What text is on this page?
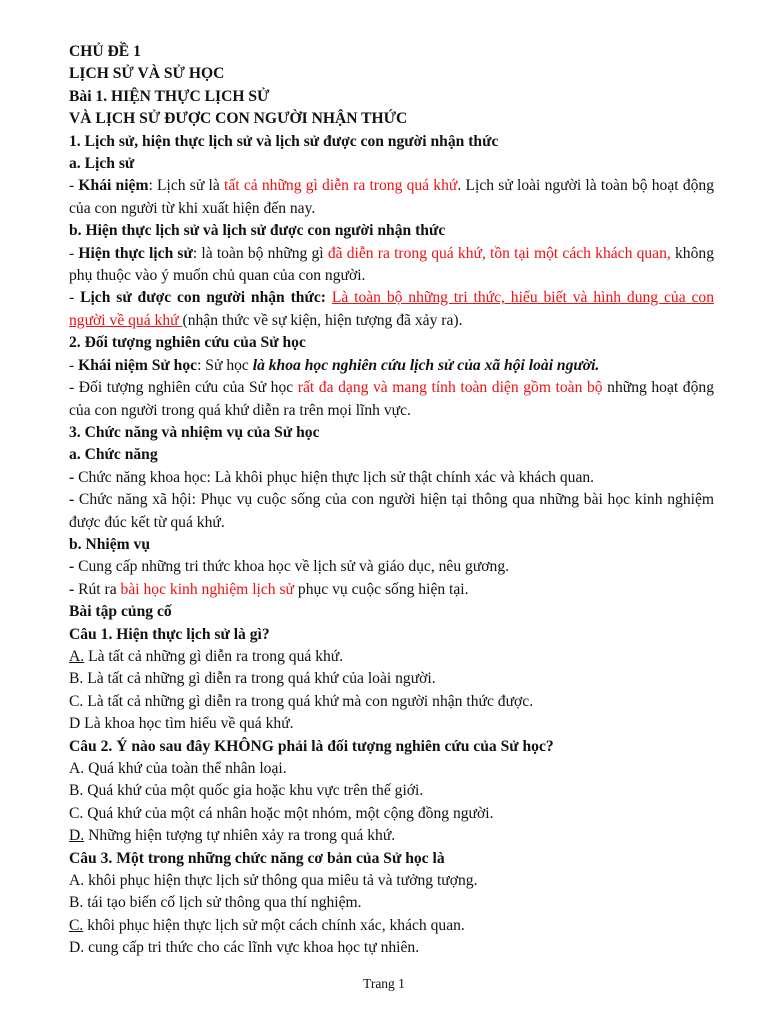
CHỦ ĐỀ 1
LỊCH SỬ VÀ SỬ HỌC
Bài 1. HIỆN THỰC LỊCH SỬ
VÀ LỊCH SỬ ĐƯỢC CON NGƯỜI NHẬN THỨC
1. Lịch sử, hiện thực lịch sử và lịch sử được con người nhận thức
a. Lịch sử
- Khái niệm: Lịch sử là tất cả những gì diễn ra trong quá khứ. Lịch sử loài người là toàn bộ hoạt động của con người từ khi xuất hiện đến nay.
b. Hiện thực lịch sử và lịch sử được con người nhận thức
- Hiện thực lịch sử: là toàn bộ những gì đã diễn ra trong quá khứ, tồn tại một cách khách quan, không phụ thuộc vào ý muốn chủ quan của con người.
- Lịch sử được con người nhận thức: Là toàn bộ những tri thức, hiểu biết và hình dung của con người về quá khứ (nhận thức về sự kiện, hiện tượng đã xảy ra).
2. Đối tượng nghiên cứu của Sử học
- Khái niệm Sử học: Sử học là khoa học nghiên cứu lịch sử của xã hội loài người.
- Đối tượng nghiên cứu của Sử học rất đa dạng và mang tính toàn diện gồm toàn bộ những hoạt động của con người trong quá khứ diễn ra trên mọi lĩnh vực.
3. Chức năng và nhiệm vụ của Sử học
a. Chức năng
- Chức năng khoa học: Là khôi phục hiện thực lịch sử thật chính xác và khách quan.
- Chức năng xã hội: Phục vụ cuộc sống của con người hiện tại thông qua những bài học kinh nghiệm được đúc kết từ quá khứ.
b. Nhiệm vụ
- Cung cấp những tri thức khoa học về lịch sử và giáo dục, nêu gương.
- Rút ra bài học kinh nghiệm lịch sử phục vụ cuộc sống hiện tại.
Bài tập củng cố
Câu 1. Hiện thực lịch sử là gì?
A. Là tất cả những gì diễn ra trong quá khứ.
B. Là tất cả những gì diễn ra trong quá khứ của loài người.
C. Là tất cả những gì diễn ra trong quá khứ mà con người nhận thức được.
D Là khoa học tìm hiểu về quá khứ.
Câu 2. Ý nào sau đây KHÔNG phải là đối tượng nghiên cứu của Sử học?
A. Quá khứ của toàn thể nhân loại.
B. Quá khứ của một quốc gia hoặc khu vực trên thế giới.
C. Quá khứ của một cá nhân hoặc một nhóm, một cộng đồng người.
D. Những hiện tượng tự nhiên xảy ra trong quá khứ.
Câu 3. Một trong những chức năng cơ bản của Sử học là
A. khôi phục hiện thực lịch sử thông qua miêu tả và tưởng tượng.
B. tái tạo biến cố lịch sử thông qua thí nghiệm.
C. khôi phục hiện thực lịch sử một cách chính xác, khách quan.
D. cung cấp tri thức cho các lĩnh vực khoa học tự nhiên.
Trang 1
